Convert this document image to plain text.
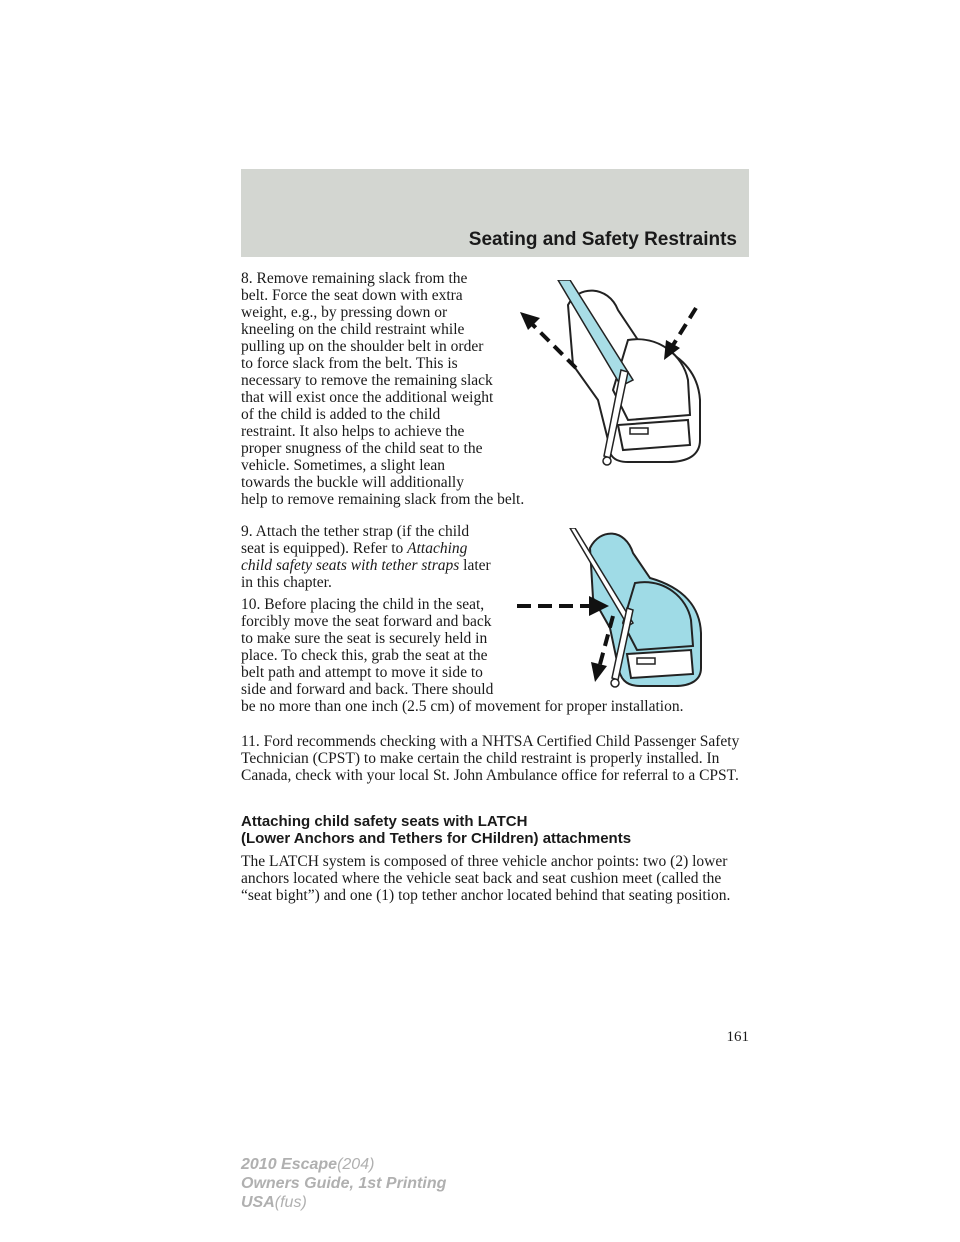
Seating and Safety Restraints

8. Remove remaining slack from the belt. Force the seat down with extra weight, e.g., by pressing down or kneeling on the child restraint while pulling up on the shoulder belt in order to force slack from the belt. This is necessary to remove the remaining slack that will exist once the additional weight of the child is added to the child restraint. It also helps to achieve the proper snugness of the child seat to the vehicle. Sometimes, a slight lean towards the buckle will additionally

help to remove remaining slack from the belt.

9. Attach the tether strap (if the child seat is equipped). Refer to Attaching child safety seats with tether straps later in this chapter.

10. Before placing the child in the seat, forcibly move the seat forward and back to make sure the seat is securely held in place. To check this, grab the seat at the belt path and attempt to move it side to side and forward and back. There should

be no more than one inch (2.5 cm) of movement for proper installation.

11. Ford recommends checking with a NHTSA Certified Child Passenger Safety Technician (CPST) to make certain the child restraint is properly installed. In Canada, check with your local St. John Ambulance office for referral to a CPST.

Attaching child safety seats with LATCH

(Lower Anchors and Tethers for CHildren) attachments

The LATCH system is composed of three vehicle anchor points: two (2) lower anchors located where the vehicle seat back and seat cushion meet (called the “seat bight”) and one (1) top tether anchor located behind that seating position.

161
2010 Escape(204)
Owners Guide, 1st Printing
USA(fus)
